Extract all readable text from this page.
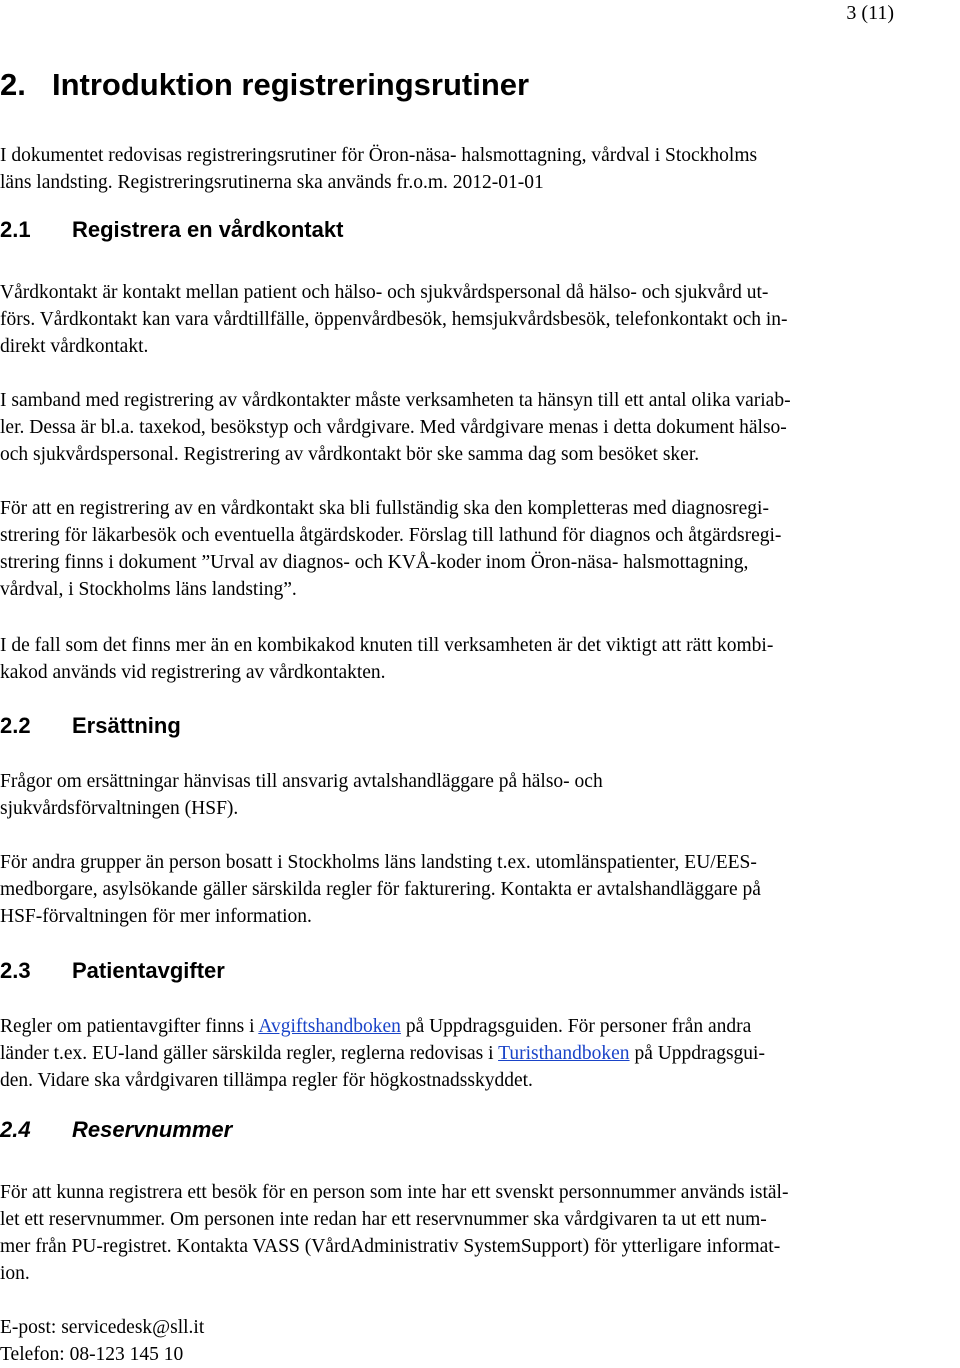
3 (11)
2. Introduktion registreringsrutiner

I dokumentet redovisas registreringsrutiner för Öron-näsa- halsmottagning, vårdval i Stockholms
läns landsting. Registreringsrutinerna ska används fr.o.m. 2012-01-01

2.1 Registrera en vårdkontakt

Vårdkontakt är kontakt mellan patient och hälso- och sjukvårdspersonal då hälso- och sjukvård ut-
förs. Vårdkontakt kan vara vårdtillfälle, öppenvårdbesök, hemsjukvårdsbesök, telefonkontakt och in-
direkt vårdkontakt.

I samband med registrering av vårdkontakter måste verksamheten ta hänsyn till ett antal olika variab-
ler. Dessa är bl.a. taxekod, besökstyp och vårdgivare. Med vårdgivare menas i detta dokument hälso-
och sjukvårdspersonal. Registrering av vårdkontakt bör ske samma dag som besöket sker.

För att en registrering av en vårdkontakt ska bli fullständig ska den kompletteras med diagnosregi-
strering för läkarbesök och eventuella åtgärdskoder. Förslag till lathund för diagnos och åtgärdsregi-
strering finns i dokument ”Urval av diagnos- och KVÅ-koder inom Öron-näsa- halsmottagning,
vårdval, i Stockholms läns landsting”.

I de fall som det finns mer än en kombikakod knuten till verksamheten är det viktigt att rätt kombi-
kakod används vid registrering av vårdkontakten.

2.2 Ersättning

Frågor om ersättningar hänvisas till ansvarig avtalshandläggare på hälso- och
sjukvårdsförvaltningen (HSF).

För andra grupper än person bosatt i Stockholms läns landsting t.ex. utomlänspatienter, EU/EES-
medborgare, asylsökande gäller särskilda regler för fakturering. Kontakta er avtalshandläggare på
HSF-förvaltningen för mer information.

2.3 Patientavgifter

Regler om patientavgifter finns i Avgiftshandboken på Uppdragsguiden. För personer från andra
länder t.ex. EU-land gäller särskilda regler, reglerna redovisas i Turisthandboken på Uppdragsgui-
den. Vidare ska vårdgivaren tillämpa regler för högkostnadsskyddet.

2.4 Reservnummer

För att kunna registrera ett besök för en person som inte har ett svenskt personnummer används istäl-
let ett reservnummer. Om personen inte redan har ett reservnummer ska vårdgivaren ta ut ett num-
mer från PU-registret. Kontakta VASS (VårdAdministrativ SystemSupport) för ytterligare informat-
ion.

E-post: servicedesk@sll.it

Telefon: 08-123 145 10
